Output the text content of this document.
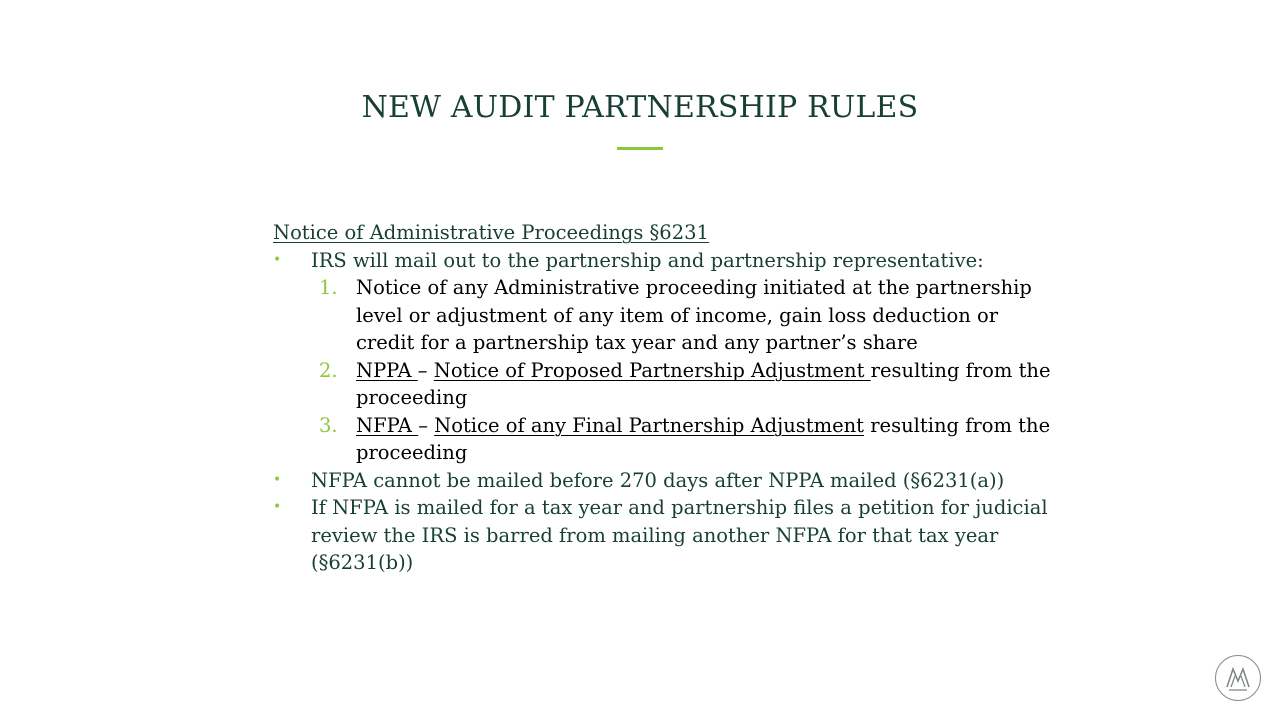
NEW AUDIT PARTNERSHIP RULES
Notice of Administrative Proceedings §6231
• IRS will mail out to the partnership and partnership representative:
1. Notice of any Administrative proceeding initiated at the partnership level or adjustment of any item of income, gain loss deduction or credit for a partnership tax year and any partner’s share
2. NPPA – Notice of Proposed Partnership Adjustment resulting from the proceeding
3. NFPA – Notice of any Final Partnership Adjustment resulting from the proceeding
• NFPA cannot be mailed before 270 days after NPPA mailed (§6231(a))
• If NFPA is mailed for a tax year and partnership files a petition for judicial review the IRS is barred from mailing another NFPA for that tax year (§6231(b))
